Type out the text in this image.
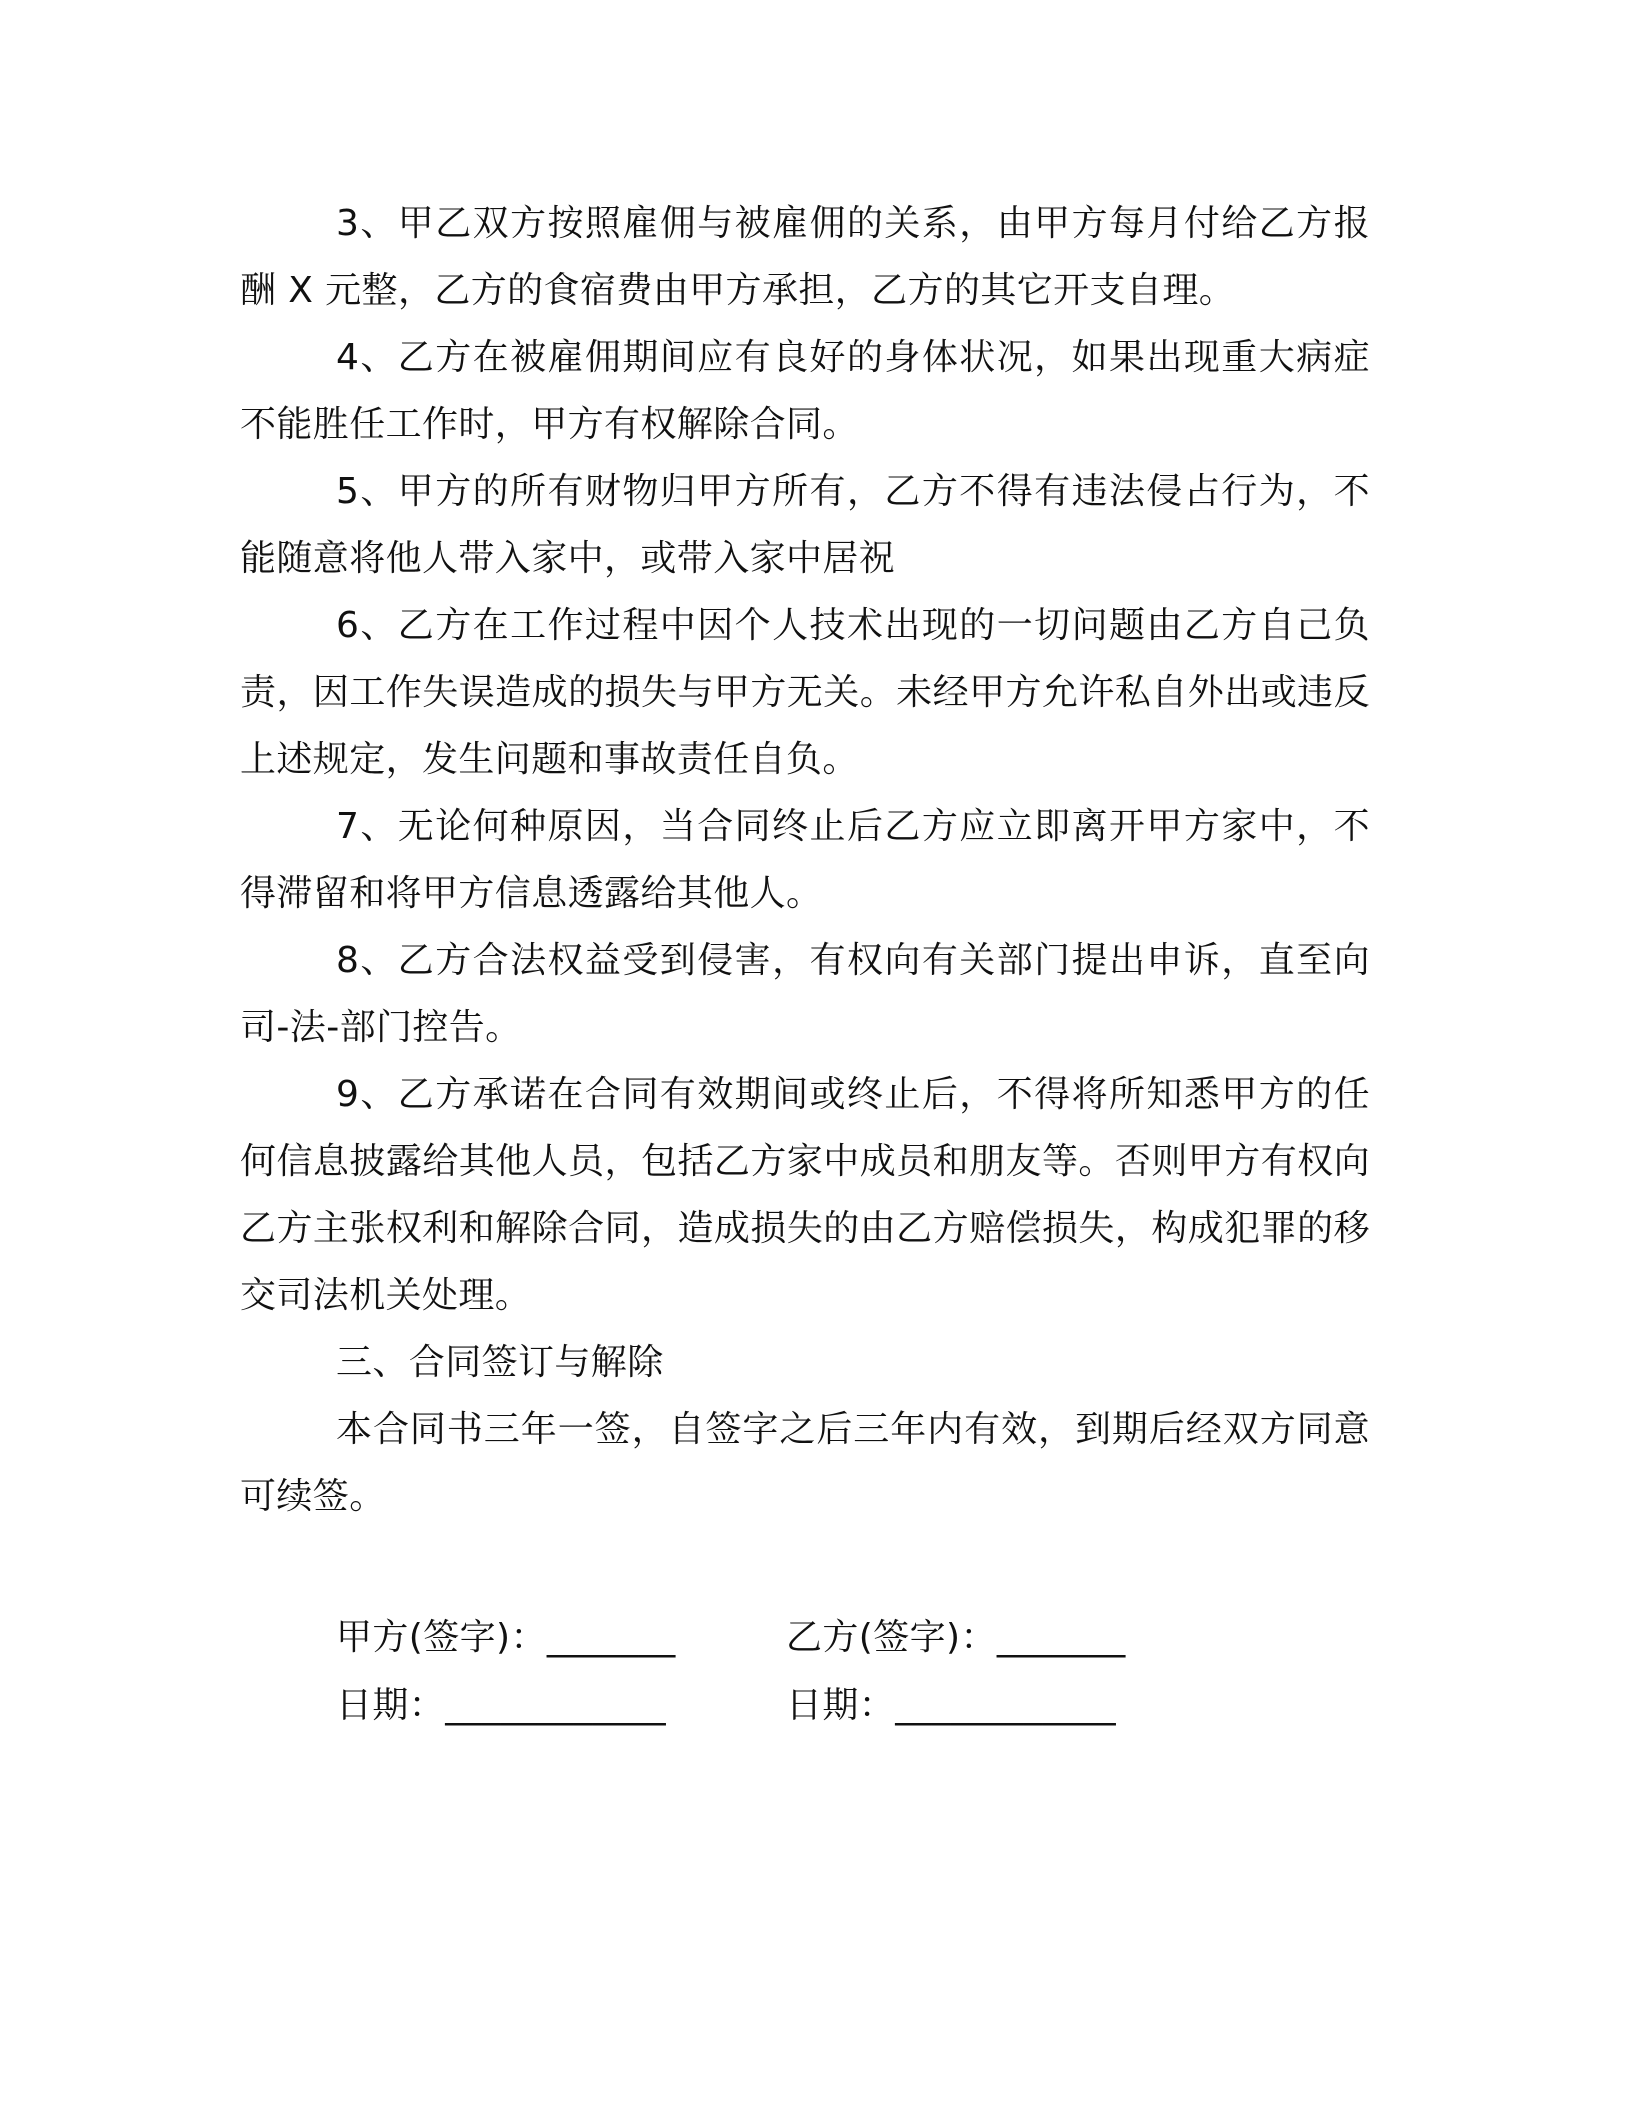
3、甲乙双方按照雇佣与被雇佣的关系，由甲方每月付给乙方报酬 X 元整，乙方的食宿费由甲方承担，乙方的其它开支自理。

4、乙方在被雇佣期间应有良好的身体状况，如果出现重大病症不能胜任工作时，甲方有权解除合同。

5、甲方的所有财物归甲方所有，乙方不得有违法侵占行为，不能随意将他人带入家中，或带入家中居祝

6、乙方在工作过程中因个人技术出现的一切问题由乙方自己负责，因工作失误造成的损失与甲方无关。未经甲方允许私自外出或违反上述规定，发生问题和事故责任自负。

7、无论何种原因，当合同终止后乙方应立即离开甲方家中，不得滞留和将甲方信息透露给其他人。

8、乙方合法权益受到侵害，有权向有关部门提出申诉，直至向司-法-部门控告。

9、乙方承诺在合同有效期间或终止后，不得将所知悉甲方的任何信息披露给其他人员，包括乙方家中成员和朋友等。否则甲方有权向乙方主张权利和解除合同，造成损失的由乙方赔偿损失，构成犯罪的移交司法机关处理。

三、合同签订与解除

本合同书三年一签，自签字之后三年内有效，到期后经双方同意可续签。

甲方(签字)：_______	乙方(签字)：_______
日期：____________	日期：____________
